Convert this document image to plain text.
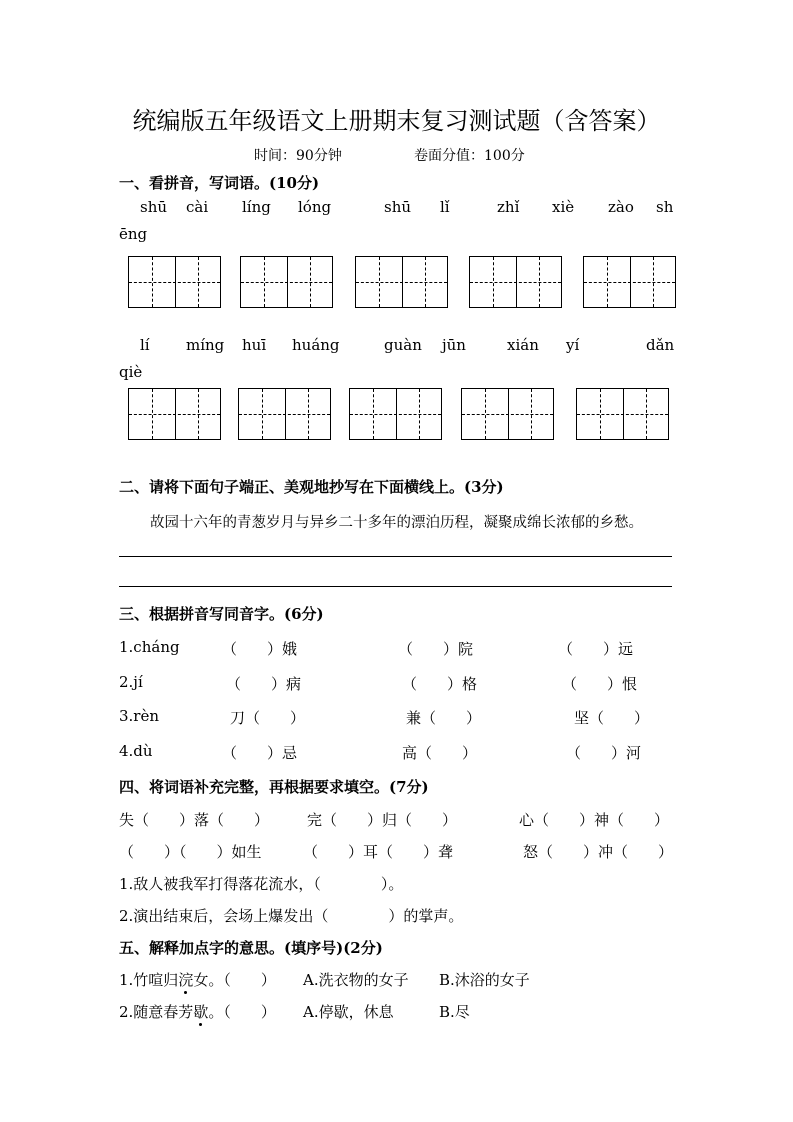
统编版五年级语文上册期末复习测试题（含答案）
时间：90分钟	卷面分值：100分
一、看拼音，写词语。(10分)
shū cài líng lóng	shū lǐ	zhǐ xiè zào sh
ēng
lí míng huī huáng	guàn jūn	xián yí	dǎn
qiè
二、请将下面句子端正、美观地抄写在下面横线上。(3分)
故园十六年的青葱岁月与异乡二十多年的漂泊历程，凝聚成绵长浓郁的乡愁。
三、根据拼音写同音字。(6分)
1.cháng	（　　）娥	（　　）院	（　　）远
2.jí	（　　）病	（　　）格	（　　）恨
3.rèn	刀（　　）	兼（　　）	坚（　　）
4.dù	（　　）忌	高（　　）	（　　）河
四、将词语补充完整，再根据要求填空。(7分)
失（　　）落（　　）	完（　　）归（　　）	心（　　）神（　　）
（　　）（　　）如生	（　　）耳（　　）聋	怒（　　）冲（　　）
1.敌人被我军打得落花流水，（　　　　）。
2.演出结束后，会场上爆发出（　　　　）的掌声。
五、解释加点字的意思。(填序号)(2分)
1.竹喧归浣女。（　　） A.洗衣物的女子 B.沐浴的女子
2.随意春芳歇。（　　） A.停歇，休息	B.尽
